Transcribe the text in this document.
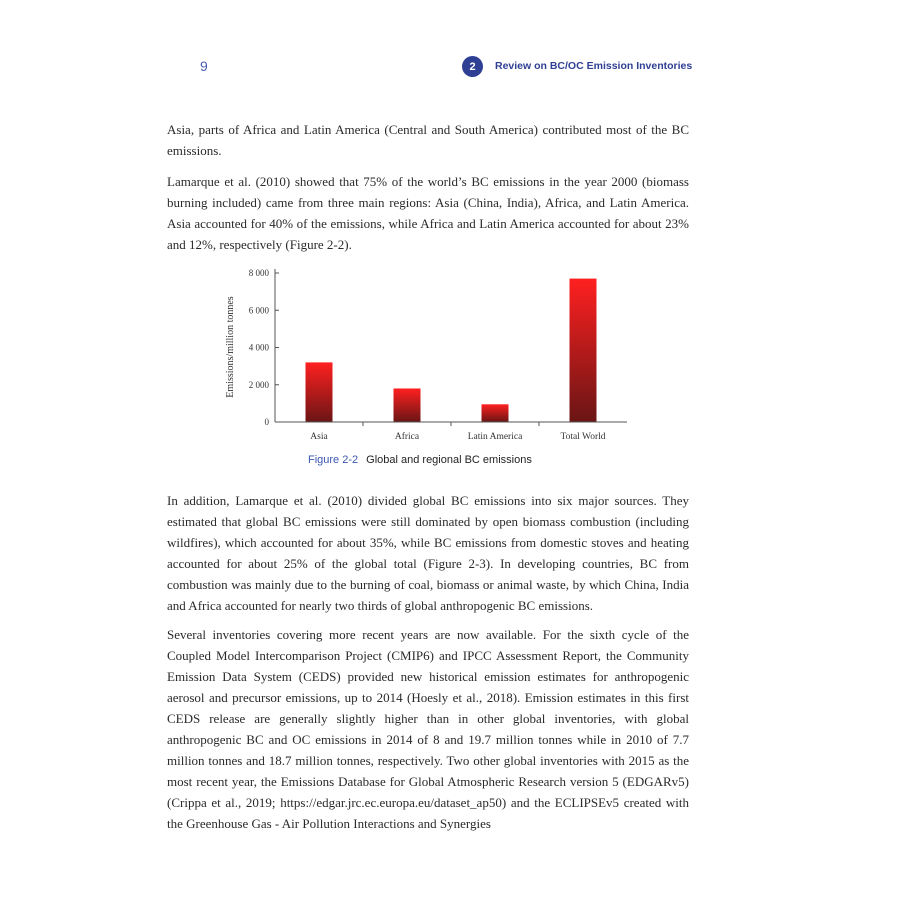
9	2	Review on BC/OC Emission Inventories

Asia, parts of Africa and Latin America (Central and South America) contributed most of the BC emissions.

Lamarque et al. (2010) showed that 75% of the world’s BC emissions in the year 2000 (biomass burning included) came from three main regions: Asia (China, India), Africa, and Latin America. Asia accounted for 40% of the emissions, while Africa and Latin America accounted for about 23% and 12%, respectively (Figure 2-2).

0
2 000
4 000
6 000
8 000
Asia	Africa	Latin America	Total World
Emissions/million tonnes
Figure 2-2 Global and regional BC emissions

In addition, Lamarque et al. (2010) divided global BC emissions into six major sources. They estimated that global BC emissions were still dominated by open biomass combustion (including wildfires), which accounted for about 35%, while BC emissions from domestic stoves and heating accounted for about 25% of the global total (Figure 2-3). In developing countries, BC from combustion was mainly due to the burning of coal, biomass or animal waste, by which China, India and Africa accounted for nearly two thirds of global anthropogenic BC emissions.

Several inventories covering more recent years are now available. For the sixth cycle of the Coupled Model Intercomparison Project (CMIP6) and IPCC Assessment Report, the Community Emission Data System (CEDS) provided new historical emission estimates for anthropogenic aerosol and precursor emissions, up to 2014 (Hoesly et al., 2018). Emission estimates in this first CEDS release are generally slightly higher than in other global inventories, with global anthropogenic BC and OC emissions in 2014 of 8 and 19.7 million tonnes while in 2010 of 7.7 million tonnes and 18.7 million tonnes, respectively. Two other global inventories with 2015 as the most recent year, the Emissions Database for Global Atmospheric Research version 5 (EDGARv5) (Crippa et al., 2019; https://edgar.jrc.ec.europa.eu/dataset_ap50) and the ECLIPSEv5 created with the Greenhouse Gas - Air Pollution Interactions and Synergies
